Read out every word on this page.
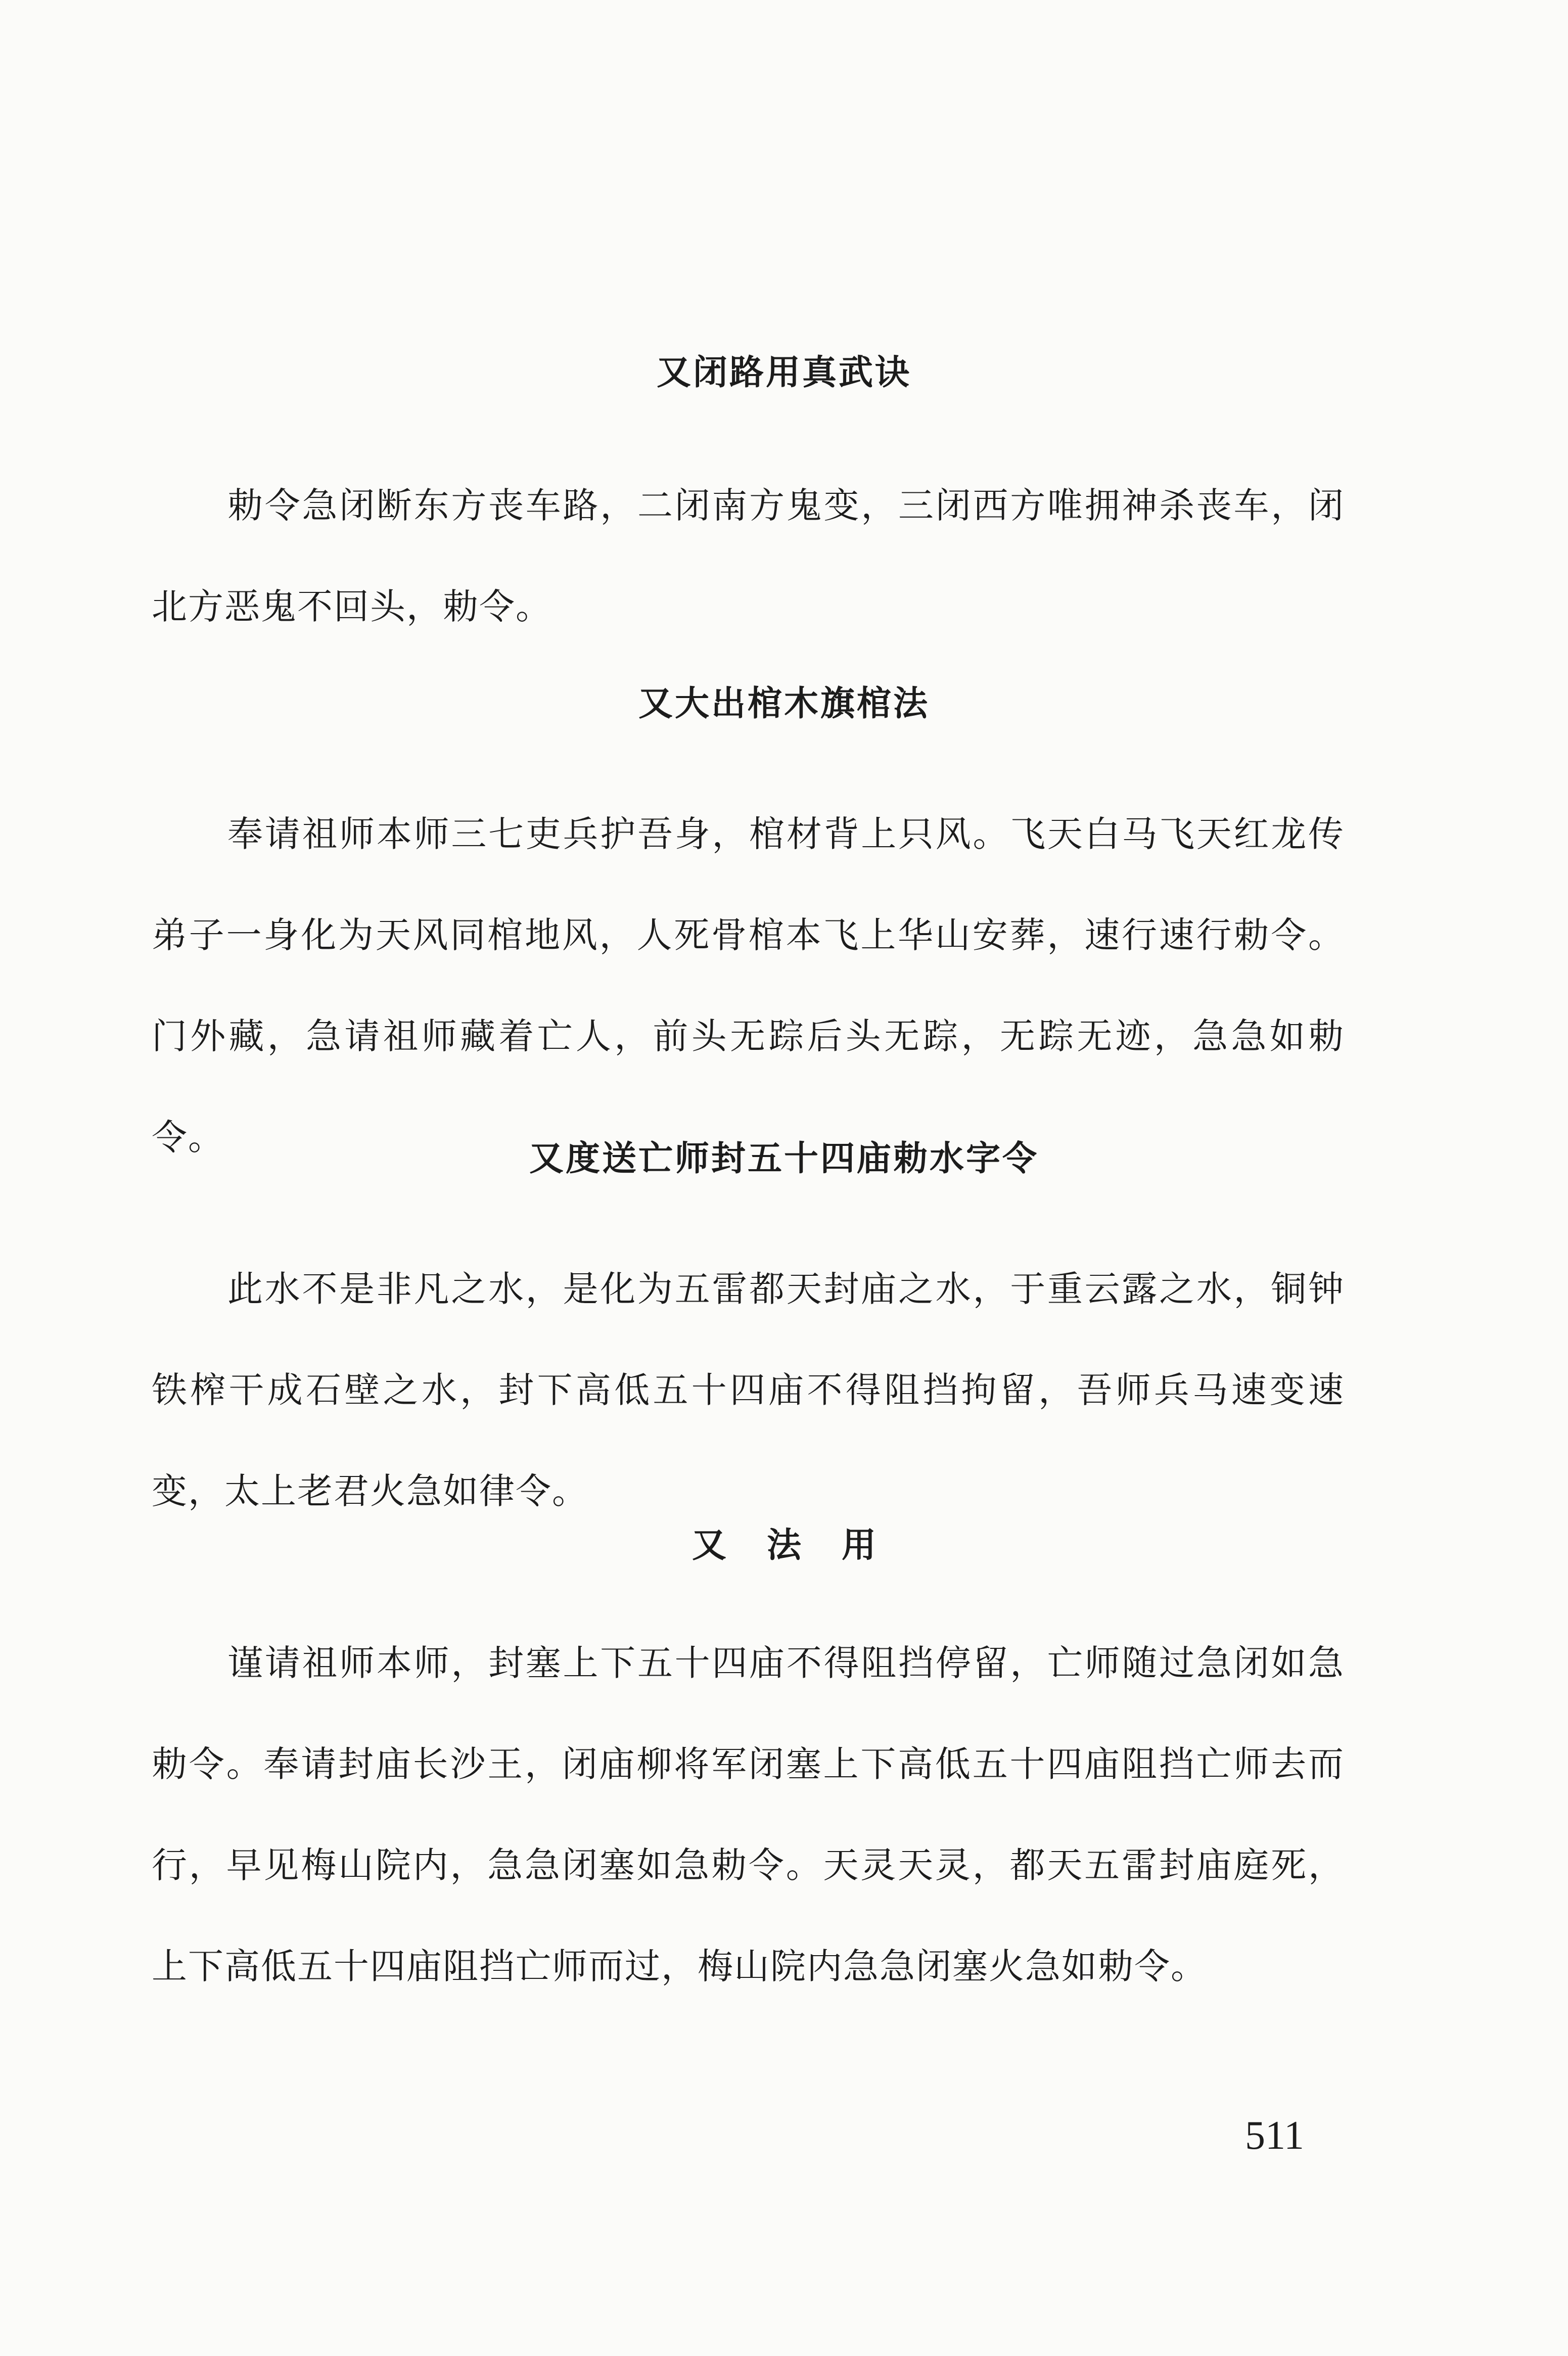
又闭路用真武诀

勅令急闭断东方丧车路，二闭南方鬼变，三闭西方唯拥神杀丧车，闭北方恶鬼不回头，勅令。

又大出棺木旗棺法

奉请祖师本师三七吏兵护吾身，棺材背上只风。飞天白马飞天红龙传弟子一身化为天风同棺地风，人死骨棺本飞上华山安葬，速行速行勅令。门外藏，急请祖师藏着亡人，前头无踪后头无踪，无踪无迹，急急如勅令。

又度送亡师封五十四庙勅水字令

此水不是非凡之水，是化为五雷都天封庙之水，于重云露之水，铜钟铁榨干成石壁之水，封下高低五十四庙不得阻挡拘留，吾师兵马速变速变，太上老君火急如律令。

又法用

谨请祖师本师，封塞上下五十四庙不得阻挡停留，亡师随过急闭如急勅令。奉请封庙长沙王，闭庙柳将军闭塞上下高低五十四庙阻挡亡师去而行，早见梅山院内，急急闭塞如急勅令。天灵天灵，都天五雷封庙庭死，上下高低五十四庙阻挡亡师而过，梅山院内急急闭塞火急如勅令。

511
